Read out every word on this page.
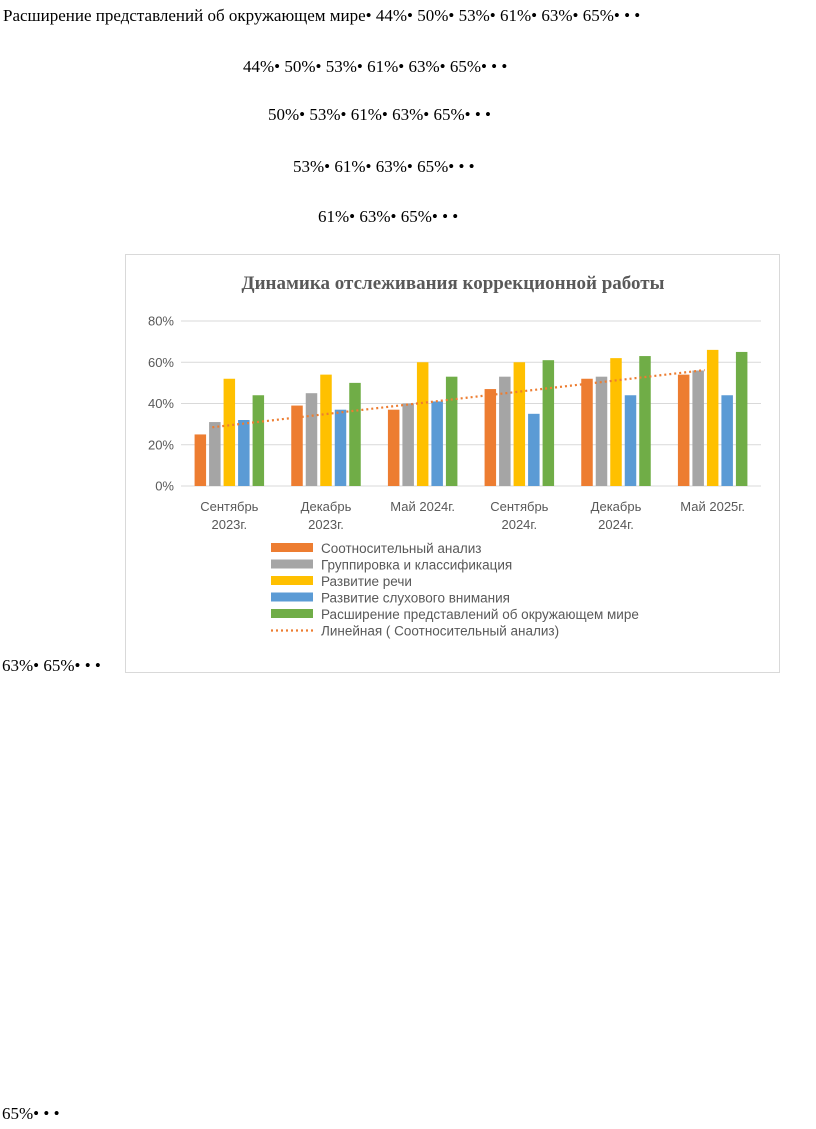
Расширение представлений об окружающем мире• 44%• 50%• 53%• 61%• 63%• 65%• • •
44%• 50%• 53%• 61%• 63%• 65%• • •
50%• 53%• 61%• 63%• 65%• • •
53%• 61%• 63%• 65%• • •
61%• 63%• 65%• • •
63%• 65%• • •
65%• • •
Динамика отслеживания коррекционной работы
0%
20%
40%
60%
80%
Сентябрь
2023г.
Декабрь
2023г.
Май 2024г.	Сентябрь
2024г.
Декабрь
2024г.
Май 2025г.
Соотносительный анализ
Группировка и классификация
Развитие речи
Развитие слухового внимания
Расширение представлений об окружающем мире
Линейная ( Соотносительный анализ)
